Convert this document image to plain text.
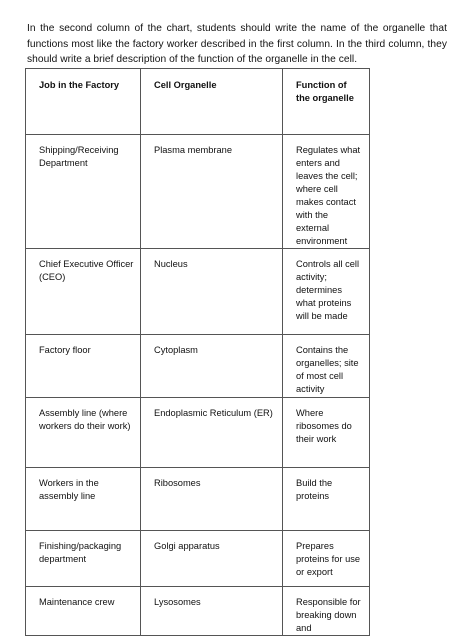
In the second column of the chart, students should write the name of the organelle that functions most like the factory worker described in the first column. In the third column, they should write a brief description of the function of the organelle in the cell.

Job in the Factory	Cell Organelle	Function of the organelle
Shipping/Receiving Department	Plasma membrane	Regulates what enters and leaves the cell; where cell makes contact with the external environment
Chief Executive Officer (CEO)	Nucleus	Controls all cell activity; determines what proteins will be made
Factory floor	Cytoplasm	Contains the organelles; site of most cell activity
Assembly line (where workers do their work)	Endoplasmic Reticulum (ER)	Where ribosomes do their work
Workers in the assembly line	Ribosomes	Build the proteins
Finishing/packaging department	Golgi apparatus	Prepares proteins for use or export
Maintenance crew	Lysosomes	Responsible for breaking down and
